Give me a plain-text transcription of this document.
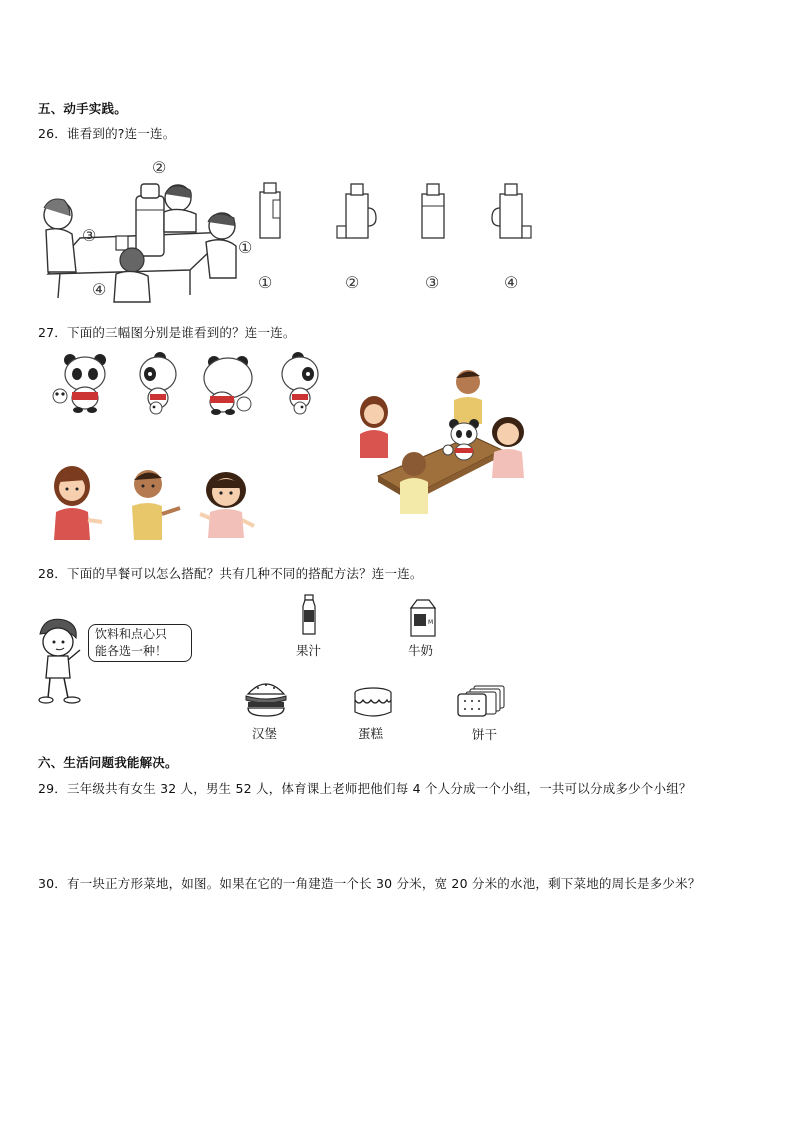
五、动手实践。
26．谁看到的?连一连。
②
③
①
④	①	②	③	④
27．下面的三幅图分别是谁看到的？连一连。
28．下面的早餐可以怎么搭配？共有几种不同的搭配方法？连一连。
饮料和点心只
能各选一种！	果汁
M
牛奶
汉堡	蛋糕	饼干
六、生活问题我能解决。
29．三年级共有女生 32 人，男生 52 人，体育课上老师把他们每 4 个人分成一个小组，一共可以分成多少个小组？
30．有一块正方形菜地，如图。如果在它的一角建造一个长 30 分米，宽 20 分米的水池，剩下菜地的周长是多少米？
